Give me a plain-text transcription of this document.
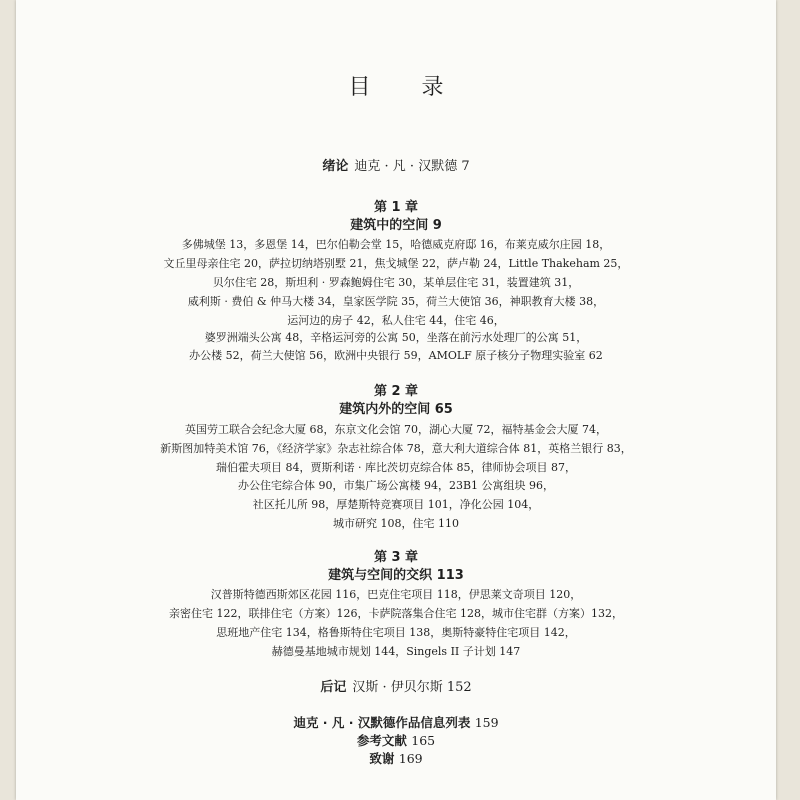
目 录
绪论 迪克 · 凡 · 汉默德 7
第 1 章
建筑中的空间 9
多佛城堡 13，多恩堡 14，巴尔伯勒会堂 15，哈德威克府邸 16，布莱克威尔庄园 18，
文丘里母亲住宅 20，萨拉切纳塔别墅 21，焦戈城堡 22，萨卢勒 24，Little Thakeham 25，
贝尔住宅 28，斯坦利 · 罗森鲍姆住宅 30，某单层住宅 31，装置建筑 31，
威利斯 · 费伯 & 仲马大楼 34，皇家医学院 35，荷兰大使馆 36，神职教育大楼 38，
运河边的房子 42，私人住宅 44，住宅 46，
婆罗洲端头公寓 48，辛格运河旁的公寓 50，坐落在前污水处理厂的公寓 51，
办公楼 52，荷兰大使馆 56，欧洲中央银行 59，AMOLF 原子核分子物理实验室 62
第 2 章
建筑内外的空间 65
英国劳工联合会纪念大厦 68，东京文化会馆 70，湖心大厦 72，福特基金会大厦 74，
新斯图加特美术馆 76，《经济学家》杂志社综合体 78，意大利大道综合体 81，英格兰银行 83，
瑞伯霍夫项目 84，贾斯利诺 · 库比茨切克综合体 85，律师协会项目 87，
办公住宅综合体 90，市集广场公寓楼 94，23B1 公寓组块 96，
社区托儿所 98，厚楚斯特竞赛项目 101，净化公园 104，
城市研究 108，住宅 110
第 3 章
建筑与空间的交织 113
汉普斯特德西斯郊区花园 116，巴克住宅项目 118，伊思莱文奇项目 120，
亲密住宅 122，联排住宅（方案）126，卡萨院落集合住宅 128，城市住宅群（方案）132，
思班地产住宅 134，格鲁斯特住宅项目 138，奥斯特豪特住宅项目 142，
赫德曼基地城市规划 144，Singels II 子计划 147
后记 汉斯 · 伊贝尔斯 152
迪克 · 凡 · 汉默德作品信息列表 159
参考文献 165
致谢 169
